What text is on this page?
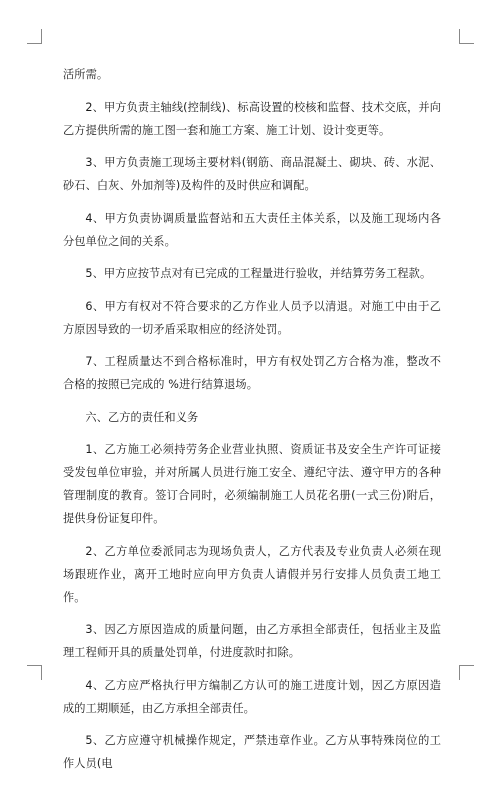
活所需。

2、甲方负责主轴线(控制线)、标高设置的校核和监督、技术交底，并向乙方提供所需的施工图一套和施工方案、施工计划、设计变更等。

3、甲方负责施工现场主要材料(钢筋、商品混凝土、砌块、砖、水泥、砂石、白灰、外加剂等)及构件的及时供应和调配。

4、甲方负责协调质量监督站和五大责任主体关系，以及施工现场内各分包单位之间的关系。

5、甲方应按节点对有已完成的工程量进行验收，并结算劳务工程款。

6、甲方有权对不符合要求的乙方作业人员予以清退。对施工中由于乙方原因导致的一切矛盾采取相应的经济处罚。

7、工程质量达不到合格标准时，甲方有权处罚乙方合格为准，整改不合格的按照已完成的 %进行结算退场。

六、乙方的责任和义务

1、乙方施工必须持劳务企业营业执照、资质证书及安全生产许可证接受发包单位审验，并对所属人员进行施工安全、遵纪守法、遵守甲方的各种管理制度的教育。签订合同时，必须编制施工人员花名册(一式三份)附后，提供身份证复印件。

2、乙方单位委派同志为现场负责人，乙方代表及专业负责人必须在现场跟班作业，离开工地时应向甲方负责人请假并另行安排人员负责工地工作。

3、因乙方原因造成的质量问题，由乙方承担全部责任，包括业主及监理工程师开具的质量处罚单，付进度款时扣除。

4、乙方应严格执行甲方编制乙方认可的施工进度计划，因乙方原因造成的工期顺延，由乙方承担全部责任。

5、乙方应遵守机械操作规定，严禁违章作业。乙方从事特殊岗位的工作人员(电
